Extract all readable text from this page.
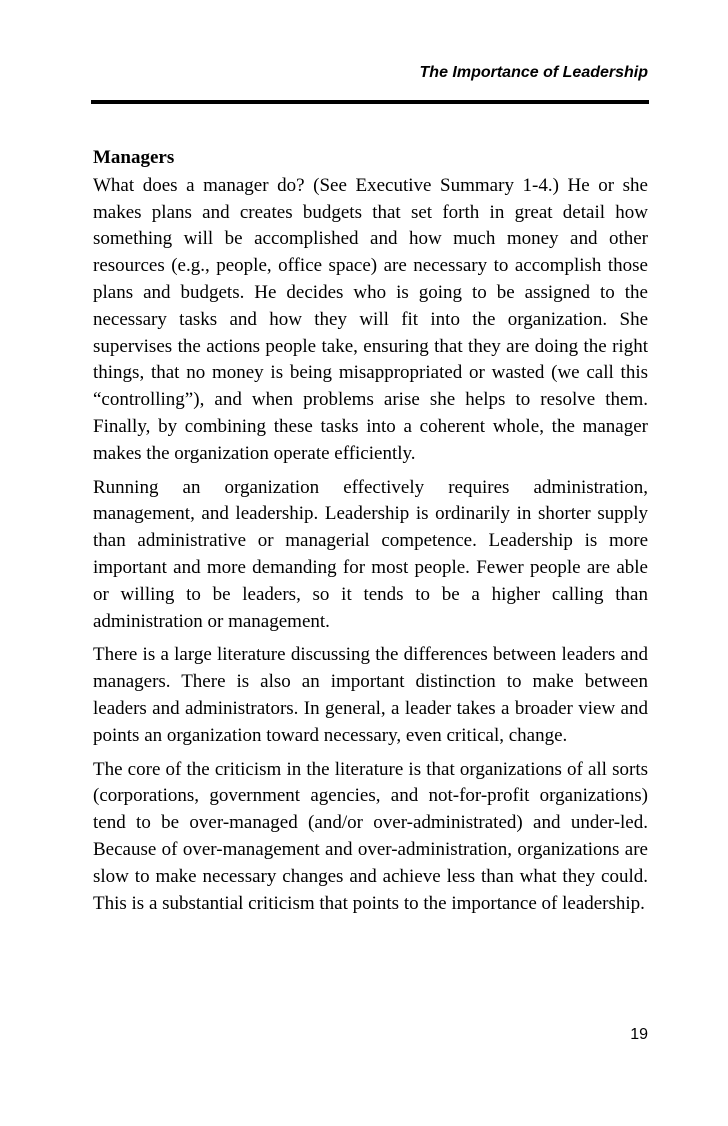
The Importance of Leadership
Managers

What does a manager do? (See Executive Summary 1-4.) He or she makes plans and creates budgets that set forth in great detail how something will be accomplished and how much money and other resources (e.g., people, office space) are necessary to accomplish those plans and budgets. He decides who is going to be assigned to the necessary tasks and how they will fit into the organization. She supervises the actions people take, ensuring that they are doing the right things, that no money is being misappropriated or wasted (we call this “controlling”), and when problems arise she helps to resolve them. Finally, by combining these tasks into a coherent whole, the manager makes the organization operate efficiently.

Running an organization effectively requires administration, management, and leadership. Leadership is ordinarily in shorter supply than administrative or managerial competence. Leadership is more important and more demanding for most people. Fewer people are able or willing to be leaders, so it tends to be a higher calling than administration or management.

There is a large literature discussing the differences between leaders and managers. There is also an important distinction to make between leaders and administrators. In general, a leader takes a broader view and points an organization toward necessary, even critical, change.

The core of the criticism in the literature is that organizations of all sorts (corporations, government agencies, and not-for-profit organizations) tend to be over-managed (and/or over-administrated) and under-led. Because of over-management and over-administration, organizations are slow to make necessary changes and achieve less than what they could. This is a substantial criticism that points to the importance of leadership.

19
